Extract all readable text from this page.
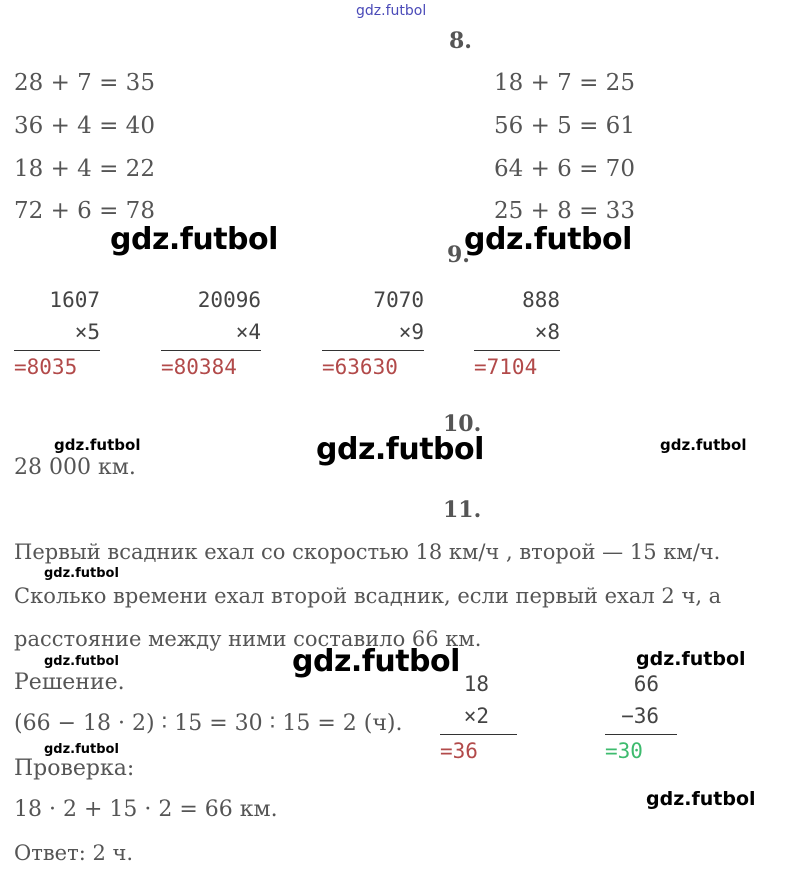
gdz.futbol
8.
28 + 7 = 35
36 + 4 = 40
18 + 4 = 22
72 + 6 = 78
18 + 7 = 25
56 + 5 = 61
64 + 6 = 70
25 + 8 = 33
gdz.futbol	9.
gdz.futbol
1607
×5
=8035
20096
×4
=80384
7070
×9
=63630
888
×8
=7104
10.
gdz.futbol	gdz.futbol	gdz.futbol
28 000 км.
11.
Первый всадник ехал со скоростью 18 км/ч , второй — 15 км/ч.
gdz.futbol
Сколько времени ехал второй всадник, если первый ехал 2 ч, а
расстояние между ними составило 66 км.
gdz.futbol	gdz.futbol	gdz.futbol
Решение.
(66 − 18 · 2) ∶ 15 = 30 ∶ 15 = 2 (ч).
18
×2
=36
66
−36
=30
gdz.futbol
Проверка:
gdz.futbol
18 · 2 + 15 · 2 = 66 км.
Ответ: 2 ч.
